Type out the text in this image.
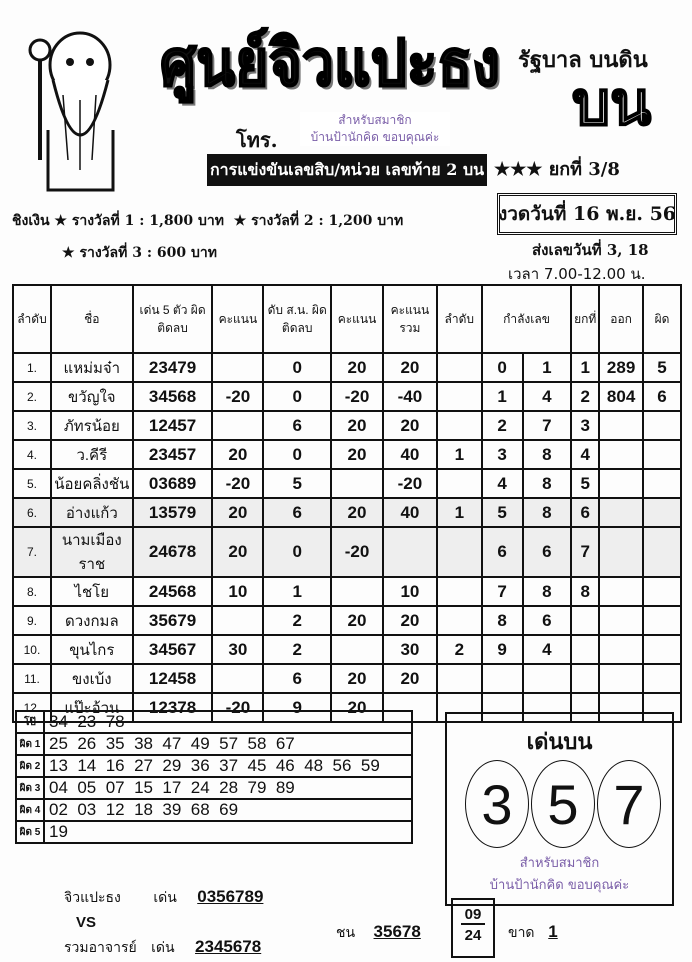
ศูนย์จิวแปะธง รัฐบาล บนดิน
บน
โทร.
สำหรับสมาชิก
บ้านป้านักคิด ขอบคุณค่ะ
การแข่งขันเลขสิบ/หน่วย เลขท้าย 2 บน ★★★ ยกที่ 3/8
งวดวันที่ 16 พ.ย. 56
ชิงเงิน ★ รางวัลที่ 1 : 1,800 บาท ★ รางวัลที่ 2 : 1,200 บาท
★ รางวัลที่ 3 : 600 บาท	ส่งเลขวันที่ 3, 18
เวลา 7.00-12.00 น.
ลำดับ	ชื่อ	เด่น 5 ตัว ผิดติดลบ	คะแนน	ดับ ส.น. ผิดติดลบ	คะแนน	คะแนน รวม	ลำดับ	กำลังเลข		ยกที่	ออก	ผิด
1.	แหม่มจ๋า	23479		0	20	20		0	1	1	289	5
2.	ขวัญใจ	34568	-20	0	-20	-40		1	4	2	804	6
3.	ภัทรน้อย	12457		6	20	20		2	7	3		
4.	ว.คีรี	23457	20	0	20	40	1	3	8	4		
5.	น้อยคลิ่งชัน	03689	-20	5		-20		4	8	5		
6.	อ่างแก้ว	13579	20	6	20	40	1	5	8	6		
7.	นามเมืองราช	24678	20	0	-20			6	6	7		
8.	ไชโย	24568	10	1		10		7	8	8		
9.	ดวงกมล	35679		2	20	20		8	6			
10.	ขุนไกร	34567	30	2		30	2	9	4			
11.	ขงเบ้ง	12458		6	20	20						
12.	แป๊ะอ้วน	12378	-20	9	20							
โป๊	34  23  78
ผิด 1	25  26  35  38  47  49  57  58  67
ผิด 2	13  14  16  27  29  36  37  45  46  48  56  59
ผิด 3	04  05  07  15  17  24  28  79  89
ผิด 4	02  03  12  18  39  68  69
ผิด 5	19
เด่นบน
3 5 7
สำหรับสมาชิก
บ้านป้านักคิด ขอบคุณค่ะ
จิวแปะธง เด่น 0356789
VS
รวมอาจารย์ เด่น 2345678
ชน $35678 \frac{09}{24}$ ขาด 1
